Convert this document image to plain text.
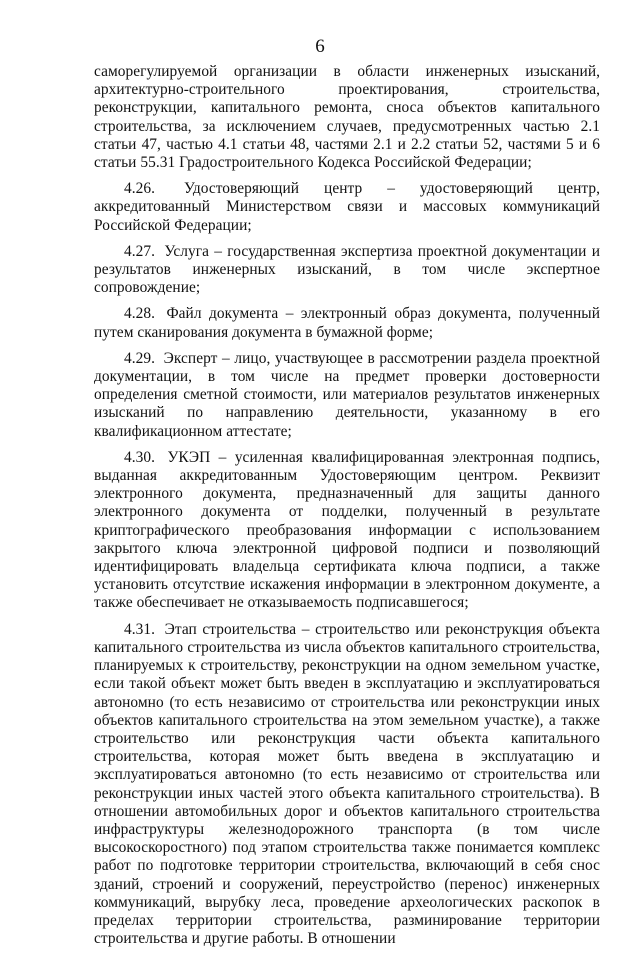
6

саморегулируемой организации в области инженерных изысканий, архитектурно-строительного проектирования, строительства, реконструкции, капитального ремонта, сноса объектов капитального строительства, за исключением случаев, предусмотренных частью 2.1 статьи 47, частью 4.1 статьи 48, частями 2.1 и 2.2 статьи 52, частями 5 и 6 статьи 55.31 Градостроительного Кодекса Российской Федерации;

4.26. Удостоверяющий центр – удостоверяющий центр, аккредитованный Министерством связи и массовых коммуникаций Российской Федерации;

4.27. Услуга – государственная экспертиза проектной документации и результатов инженерных изысканий, в том числе экспертное сопровождение;

4.28. Файл документа – электронный образ документа, полученный путем сканирования документа в бумажной форме;

4.29. Эксперт – лицо, участвующее в рассмотрении раздела проектной документации, в том числе на предмет проверки достоверности определения сметной стоимости, или материалов результатов инженерных изысканий по направлению деятельности, указанному в его квалификационном аттестате;

4.30. УКЭП – усиленная квалифицированная электронная подпись, выданная аккредитованным Удостоверяющим центром. Реквизит электронного документа, предназначенный для защиты данного электронного документа от подделки, полученный в результате криптографического преобразования информации с использованием закрытого ключа электронной цифровой подписи и позволяющий идентифицировать владельца сертификата ключа подписи, а также установить отсутствие искажения информации в электронном документе, а также обеспечивает не отказываемость подписавшегося;

4.31. Этап строительства – строительство или реконструкция объекта капитального строительства из числа объектов капитального строительства, планируемых к строительству, реконструкции на одном земельном участке, если такой объект может быть введен в эксплуатацию и эксплуатироваться автономно (то есть независимо от строительства или реконструкции иных объектов капитального строительства на этом земельном участке), а также строительство или реконструкция части объекта капитального строительства, которая может быть введена в эксплуатацию и эксплуатироваться автономно (то есть независимо от строительства или реконструкции иных частей этого объекта капитального строительства). В отношении автомобильных дорог и объектов капитального строительства инфраструктуры железнодорожного транспорта (в том числе высокоскоростного) под этапом строительства также понимается комплекс работ по подготовке территории строительства, включающий в себя снос зданий, строений и сооружений, переустройство (перенос) инженерных коммуникаций, вырубку леса, проведение археологических раскопок в пределах территории строительства, разминирование территории строительства и другие работы. В отношении
